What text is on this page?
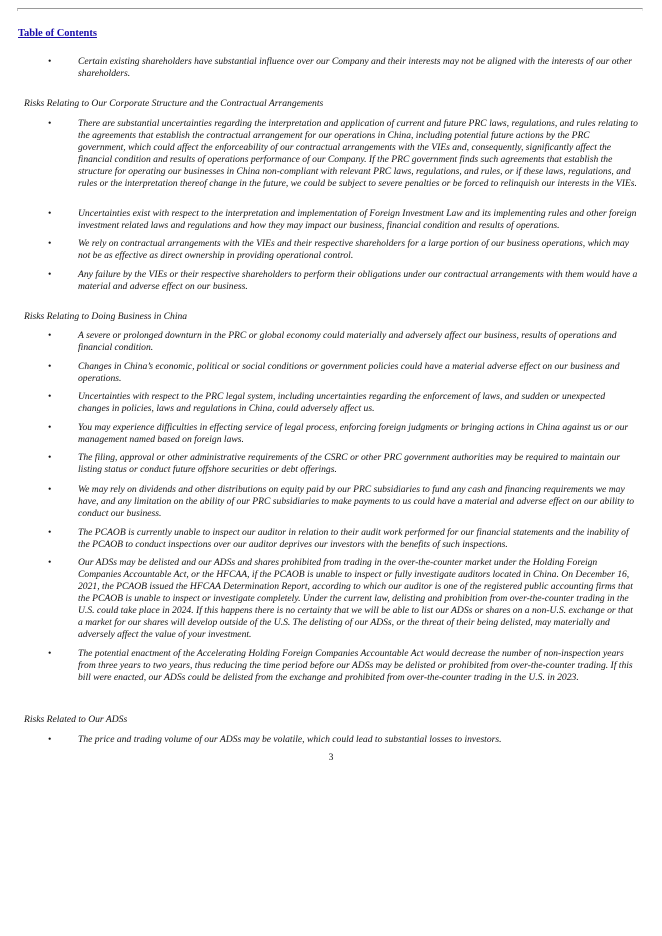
Table of Contents
•	Certain existing shareholders have substantial influence over our Company and their interests may not be aligned with the interests of our other shareholders.
Risks Relating to Our Corporate Structure and the Contractual Arrangements
•	There are substantial uncertainties regarding the interpretation and application of current and future PRC laws, regulations, and rules relating to the agreements that establish the contractual arrangement for our operations in China, including potential future actions by the PRC government, which could affect the enforceability of our contractual arrangements with the VIEs and, consequently, significantly affect the financial condition and results of operations performance of our Company. If the PRC government finds such agreements that establish the structure for operating our businesses in China non-compliant with relevant PRC laws, regulations, and rules, or if these laws, regulations, and rules or the interpretation thereof change in the future, we could be subject to severe penalties or be forced to relinquish our interests in the VIEs.
•	Uncertainties exist with respect to the interpretation and implementation of Foreign Investment Law and its implementing rules and other foreign investment related laws and regulations and how they may impact our business, financial condition and results of operations.
•	We rely on contractual arrangements with the VIEs and their respective shareholders for a large portion of our business operations, which may not be as effective as direct ownership in providing operational control.
•	Any failure by the VIEs or their respective shareholders to perform their obligations under our contractual arrangements with them would have a material and adverse effect on our business.
Risks Relating to Doing Business in China
•	A severe or prolonged downturn in the PRC or global economy could materially and adversely affect our business, results of operations and financial condition.
•	Changes in China’s economic, political or social conditions or government policies could have a material adverse effect on our business and operations.
•	Uncertainties with respect to the PRC legal system, including uncertainties regarding the enforcement of laws, and sudden or unexpected changes in policies, laws and regulations in China, could adversely affect us.
•	You may experience difficulties in effecting service of legal process, enforcing foreign judgments or bringing actions in China against us or our management named based on foreign laws.
•	The filing, approval or other administrative requirements of the CSRC or other PRC government authorities may be required to maintain our listing status or conduct future offshore securities or debt offerings.
•	We may rely on dividends and other distributions on equity paid by our PRC subsidiaries to fund any cash and financing requirements we may have, and any limitation on the ability of our PRC subsidiaries to make payments to us could have a material and adverse effect on our ability to conduct our business.
•	The PCAOB is currently unable to inspect our auditor in relation to their audit work performed for our financial statements and the inability of the PCAOB to conduct inspections over our auditor deprives our investors with the benefits of such inspections.
•	Our ADSs may be delisted and our ADSs and shares prohibited from trading in the over-the-counter market under the Holding Foreign Companies Accountable Act, or the HFCAA, if the PCAOB is unable to inspect or fully investigate auditors located in China. On December 16, 2021, the PCAOB issued the HFCAA Determination Report, according to which our auditor is one of the registered public accounting firms that the PCAOB is unable to inspect or investigate completely. Under the current law, delisting and prohibition from over-the-counter trading in the U.S. could take place in 2024. If this happens there is no certainty that we will be able to list our ADSs or shares on a non-U.S. exchange or that a market for our shares will develop outside of the U.S. The delisting of our ADSs, or the threat of their being delisted, may materially and adversely affect the value of your investment.
•	The potential enactment of the Accelerating Holding Foreign Companies Accountable Act would decrease the number of non-inspection years from three years to two years, thus reducing the time period before our ADSs may be delisted or prohibited from over-the-counter trading. If this bill were enacted, our ADSs could be delisted from the exchange and prohibited from over-the-counter trading in the U.S. in 2023.
Risks Related to Our ADSs
•	The price and trading volume of our ADSs may be volatile, which could lead to substantial losses to investors.
3
